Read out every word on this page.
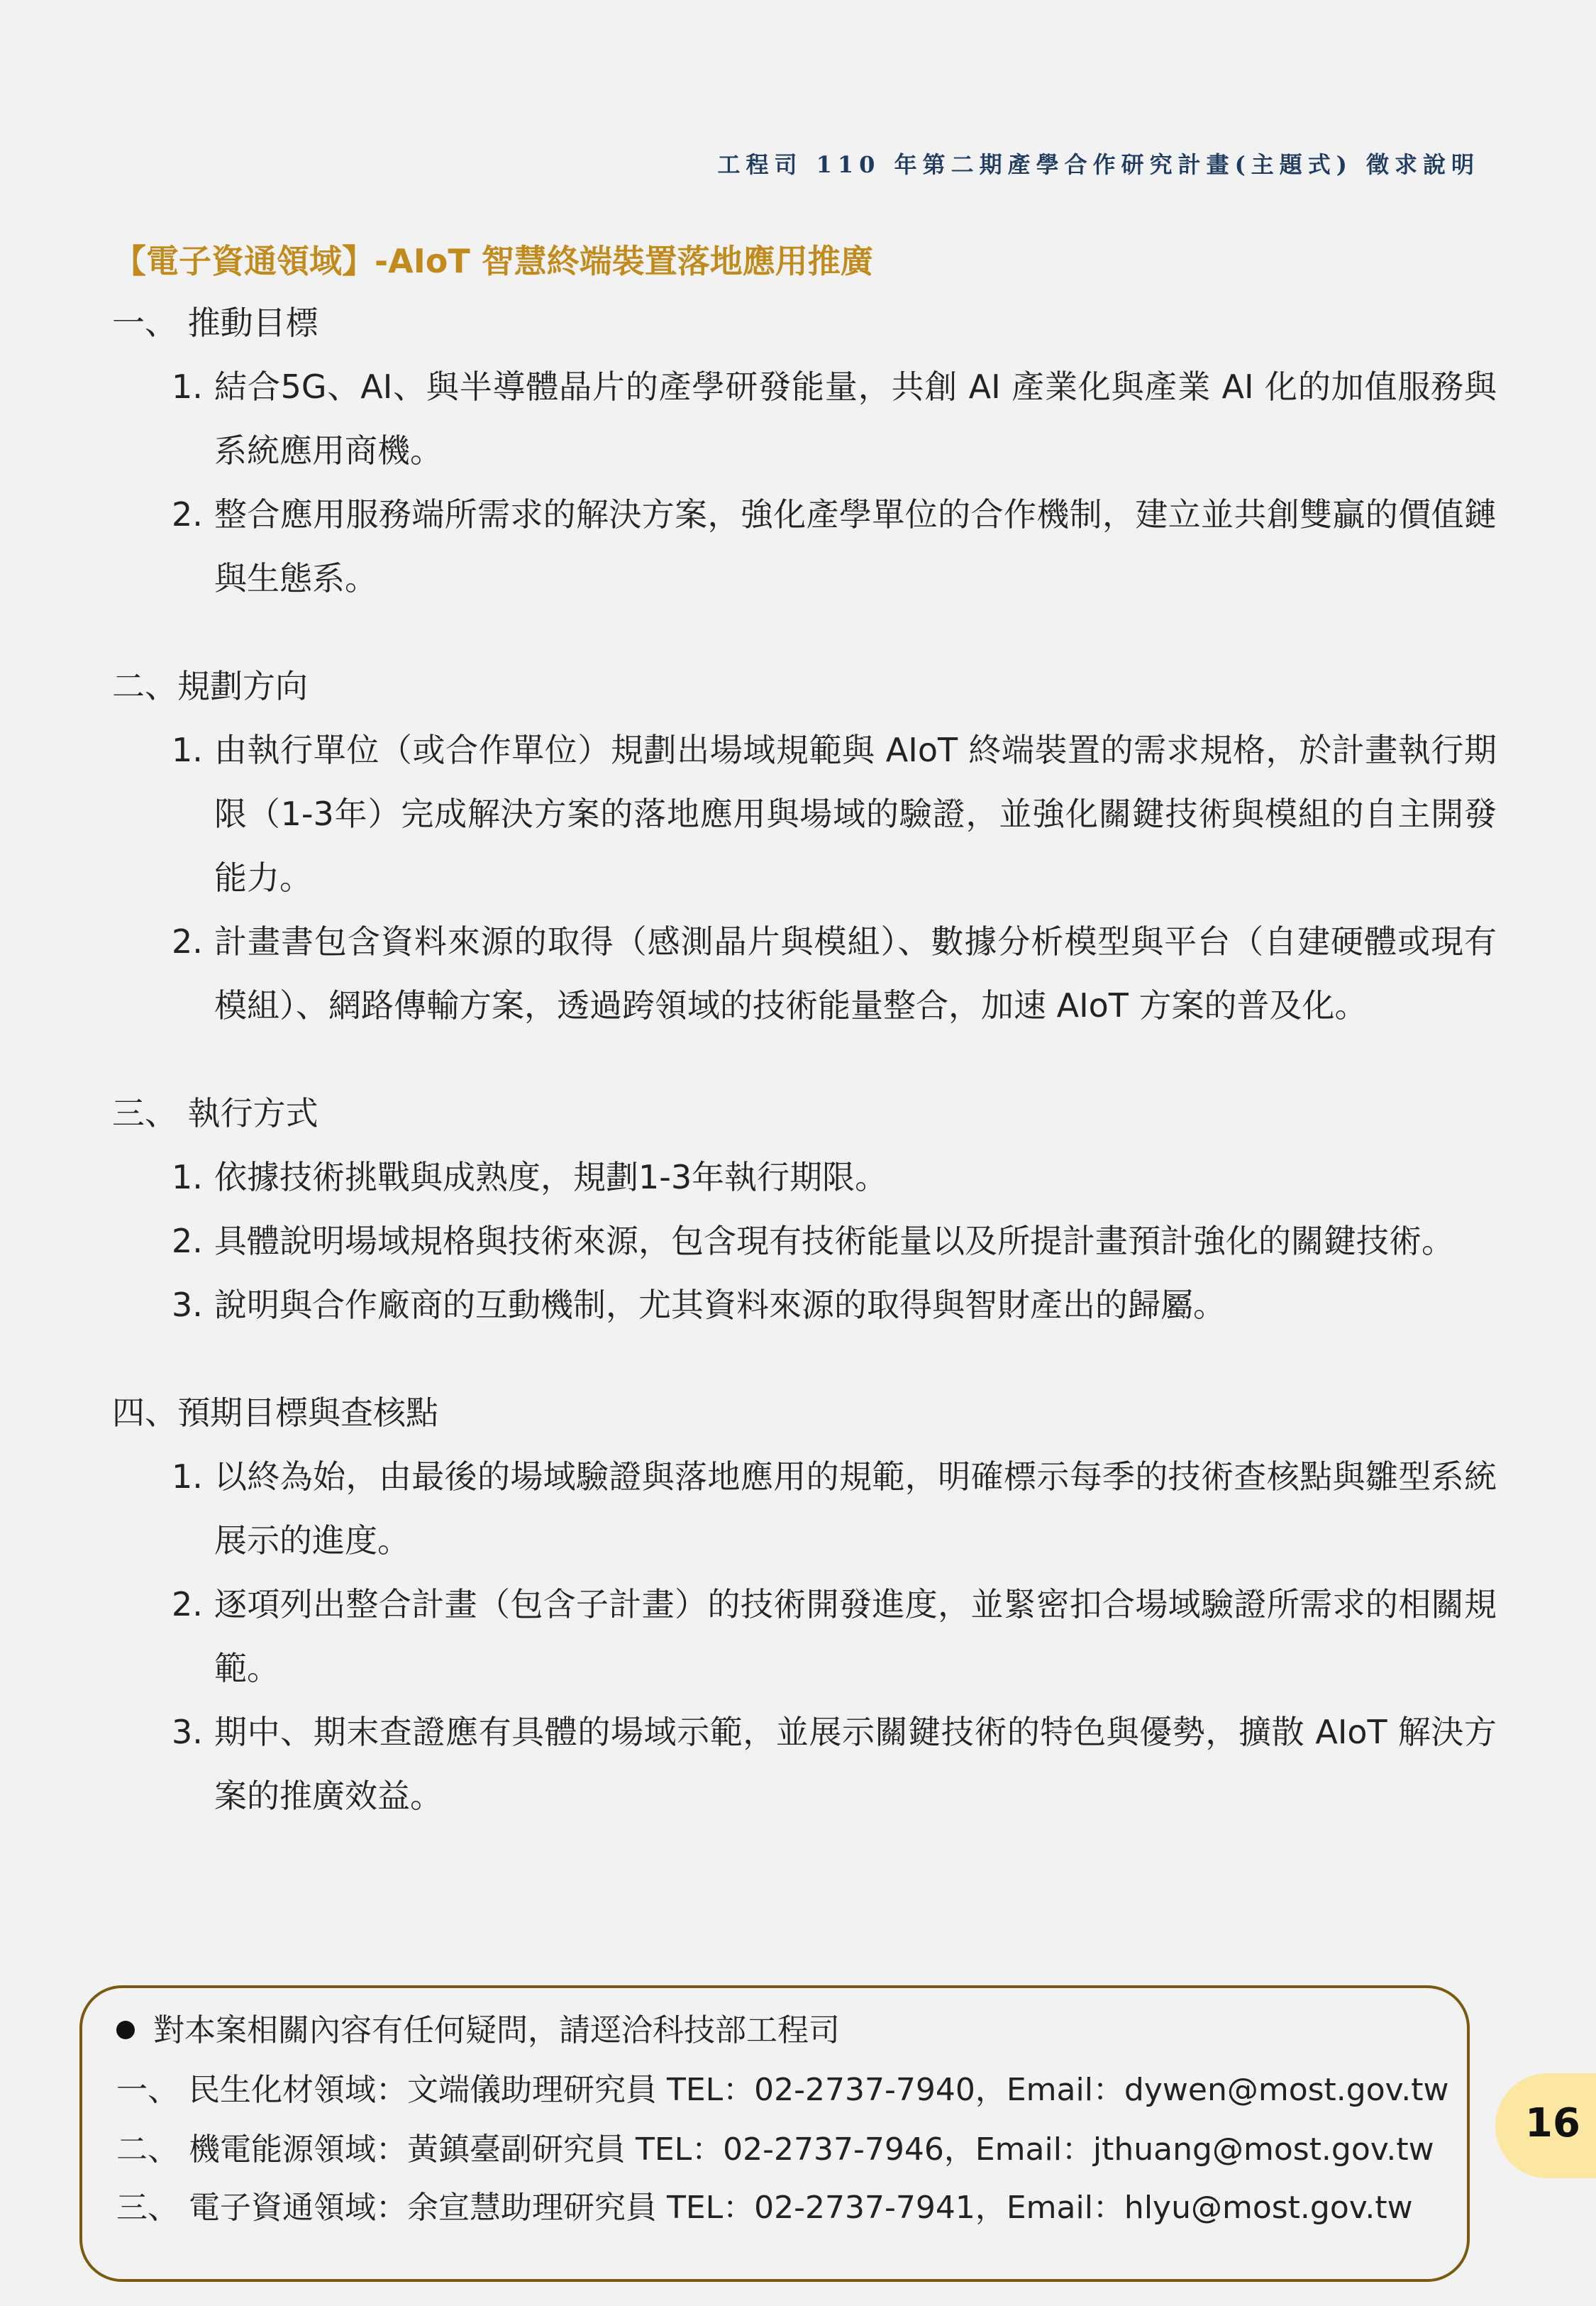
工程司 110 年第二期產學合作研究計畫(主題式) 徵求說明
【電子資通領域】-AIoT 智慧終端裝置落地應用推廣
一、 推動目標
1. 結合5G、AI、與半導體晶片的產學研發能量，共創 AI 產業化與產業 AI 化的加值服務與系統應用商機。
2. 整合應用服務端所需求的解決方案，強化產學單位的合作機制，建立並共創雙贏的價值鏈與生態系。
二、規劃方向
1. 由執行單位（或合作單位）規劃出場域規範與 AIoT 終端裝置的需求規格，於計畫執行期限（1-3年）完成解決方案的落地應用與場域的驗證，並強化關鍵技術與模組的自主開發能力。
2. 計畫書包含資料來源的取得（感測晶片與模組）、數據分析模型與平台（自建硬體或現有模組）、網路傳輸方案，透過跨領域的技術能量整合，加速 AIoT 方案的普及化。
三、 執行方式
1. 依據技術挑戰與成熟度，規劃1-3年執行期限。
2. 具體說明場域規格與技術來源，包含現有技術能量以及所提計畫預計強化的關鍵技術。
3. 說明與合作廠商的互動機制，尤其資料來源的取得與智財產出的歸屬。
四、預期目標與查核點
1. 以終為始，由最後的場域驗證與落地應用的規範，明確標示每季的技術查核點與雛型系統展示的進度。
2. 逐項列出整合計畫（包含子計畫）的技術開發進度，並緊密扣合場域驗證所需求的相關規範。
3. 期中、期末查證應有具體的場域示範，並展示關鍵技術的特色與優勢，擴散 AIoT 解決方案的推廣效益。
對本案相關內容有任何疑問，請逕洽科技部工程司
一、 民生化材領域：文端儀助理研究員 TEL：02-2737-7940，Email：dywen@most.gov.tw
二、 機電能源領域：黃鎮臺副研究員 TEL：02-2737-7946，Email：jthuang@most.gov.tw
三、 電子資通領域：余宣慧助理研究員 TEL：02-2737-7941，Email：hlyu@most.gov.tw
16
